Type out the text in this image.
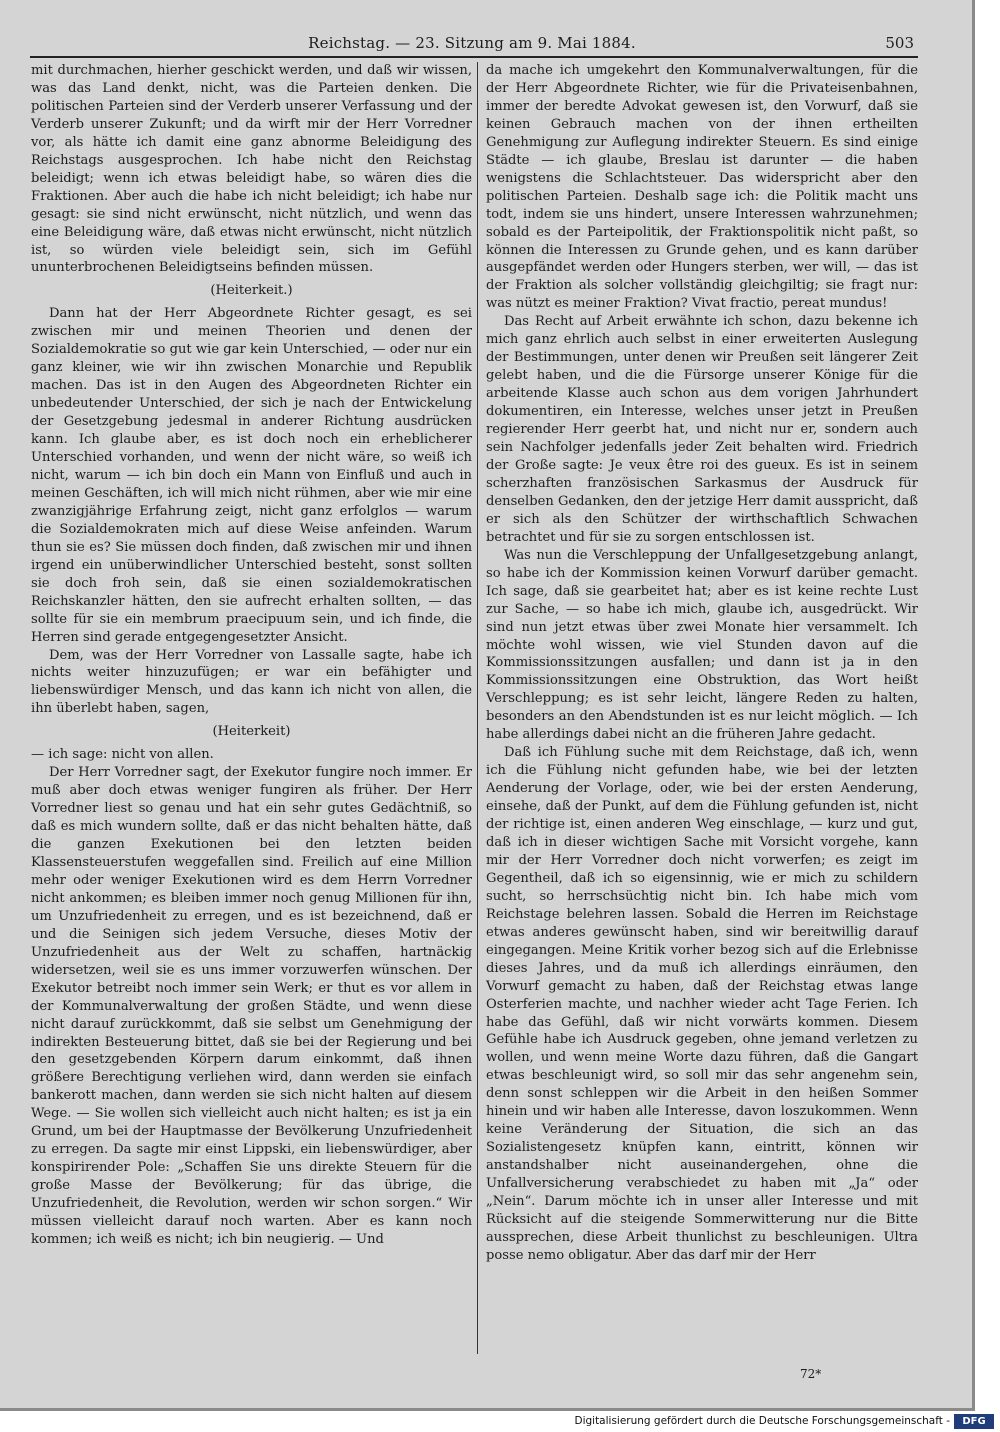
Reichstag. — 23. Sitzung am 9. Mai 1884.	503

mit durchmachen, hierher geschickt werden, und daß wir wissen, was das Land denkt, nicht, was die Parteien denken. Die politischen Parteien sind der Verderb unserer Verfassung und der Verderb unserer Zukunft; und da wirft mir der Herr Vorredner vor, als hätte ich damit eine ganz abnorme Beleidigung des Reichstags ausgesprochen. Ich habe nicht den Reichstag beleidigt; wenn ich etwas beleidigt habe, so wären dies die Fraktionen. Aber auch die habe ich nicht beleidigt; ich habe nur gesagt: sie sind nicht erwünscht, nicht nützlich, und wenn das eine Beleidigung wäre, daß etwas nicht erwünscht, nicht nützlich ist, so würden viele beleidigt sein, sich im Gefühl ununterbrochenen Beleidigtseins befinden müssen.

(Heiterkeit.)

Dann hat der Herr Abgeordnete Richter gesagt, es sei zwischen mir und meinen Theorien und denen der Sozialdemokratie so gut wie gar kein Unterschied, — oder nur ein ganz kleiner, wie wir ihn zwischen Monarchie und Republik machen. Das ist in den Augen des Abgeordneten Richter ein unbedeutender Unterschied, der sich je nach der Entwickelung der Gesetzgebung jedesmal in anderer Richtung ausdrücken kann. Ich glaube aber, es ist doch noch ein erheblicherer Unterschied vorhanden, und wenn der nicht wäre, so weiß ich nicht, warum — ich bin doch ein Mann von Einfluß und auch in meinen Geschäften, ich will mich nicht rühmen, aber wie mir eine zwanzigjährige Erfahrung zeigt, nicht ganz erfolglos — warum die Sozialdemokraten mich auf diese Weise anfeinden. Warum thun sie es? Sie müssen doch finden, daß zwischen mir und ihnen irgend ein unüberwindlicher Unterschied besteht, sonst sollten sie doch froh sein, daß sie einen sozialdemokratischen Reichskanzler hätten, den sie aufrecht erhalten sollten, — das sollte für sie ein membrum praecipuum sein, und ich finde, die Herren sind gerade entgegengesetzter Ansicht.

Dem, was der Herr Vorredner von Lassalle sagte, habe ich nichts weiter hinzuzufügen; er war ein befähigter und liebenswürdiger Mensch, und das kann ich nicht von allen, die ihn überlebt haben, sagen,

(Heiterkeit)

— ich sage: nicht von allen.

Der Herr Vorredner sagt, der Exekutor fungire noch immer. Er muß aber doch etwas weniger fungiren als früher. Der Herr Vorredner liest so genau und hat ein sehr gutes Gedächtniß, so daß es mich wundern sollte, daß er das nicht behalten hätte, daß die ganzen Exekutionen bei den letzten beiden Klassensteuerstufen weggefallen sind. Freilich auf eine Million mehr oder weniger Exekutionen wird es dem Herrn Vorredner nicht ankommen; es bleiben immer noch genug Millionen für ihn, um Unzufriedenheit zu erregen, und es ist bezeichnend, daß er und die Seinigen sich jedem Versuche, dieses Motiv der Unzufriedenheit aus der Welt zu schaffen, hartnäckig widersetzen, weil sie es uns immer vorzuwerfen wünschen. Der Exekutor betreibt noch immer sein Werk; er thut es vor allem in der Kommunalverwaltung der großen Städte, und wenn diese nicht darauf zurückkommt, daß sie selbst um Genehmigung der indirekten Besteuerung bittet, daß sie bei der Regierung und bei den gesetzgebenden Körpern darum einkommt, daß ihnen größere Berechtigung verliehen wird, dann werden sie einfach bankerott machen, dann werden sie sich nicht halten auf diesem Wege. — Sie wollen sich vielleicht auch nicht halten; es ist ja ein Grund, um bei der Hauptmasse der Bevölkerung Unzufriedenheit zu erregen. Da sagte mir einst Lippski, ein liebenswürdiger, aber konspirirender Pole: „Schaffen Sie uns direkte Steuern für die große Masse der Bevölkerung; für das übrige, die Unzufriedenheit, die Revolution, werden wir schon sorgen.“ Wir müssen vielleicht darauf noch warten. Aber es kann noch kommen; ich weiß es nicht; ich bin neugierig. — Und

da mache ich umgekehrt den Kommunalverwaltungen, für die der Herr Abgeordnete Richter, wie für die Privateisenbahnen, immer der beredte Advokat gewesen ist, den Vorwurf, daß sie keinen Gebrauch machen von der ihnen ertheilten Genehmigung zur Auflegung indirekter Steuern. Es sind einige Städte — ich glaube, Breslau ist darunter — die haben wenigstens die Schlachtsteuer. Das widerspricht aber den politischen Parteien. Deshalb sage ich: die Politik macht uns todt, indem sie uns hindert, unsere Interessen wahrzunehmen; sobald es der Parteipolitik, der Fraktionspolitik nicht paßt, so können die Interessen zu Grunde gehen, und es kann darüber ausgepfändet werden oder Hungers sterben, wer will, — das ist der Fraktion als solcher vollständig gleichgiltig; sie fragt nur: was nützt es meiner Fraktion? Vivat fractio, pereat mundus!

Das Recht auf Arbeit erwähnte ich schon, dazu bekenne ich mich ganz ehrlich auch selbst in einer erweiterten Auslegung der Bestimmungen, unter denen wir Preußen seit längerer Zeit gelebt haben, und die die Fürsorge unserer Könige für die arbeitende Klasse auch schon aus dem vorigen Jahrhundert dokumentiren, ein Interesse, welches unser jetzt in Preußen regierender Herr geerbt hat, und nicht nur er, sondern auch sein Nachfolger jedenfalls jeder Zeit behalten wird. Friedrich der Große sagte: Je veux être roi des gueux. Es ist in seinem scherzhaften französischen Sarkasmus der Ausdruck für denselben Gedanken, den der jetzige Herr damit ausspricht, daß er sich als den Schützer der wirthschaftlich Schwachen betrachtet und für sie zu sorgen entschlossen ist.

Was nun die Verschleppung der Unfallgesetzgebung anlangt, so habe ich der Kommission keinen Vorwurf darüber gemacht. Ich sage, daß sie gearbeitet hat; aber es ist keine rechte Lust zur Sache, — so habe ich mich, glaube ich, ausgedrückt. Wir sind nun jetzt etwas über zwei Monate hier versammelt. Ich möchte wohl wissen, wie viel Stunden davon auf die Kommissionssitzungen ausfallen; und dann ist ja in den Kommissionssitzungen eine Obstruktion, das Wort heißt Verschleppung; es ist sehr leicht, längere Reden zu halten, besonders an den Abendstunden ist es nur leicht möglich. — Ich habe allerdings dabei nicht an die früheren Jahre gedacht.

Daß ich Fühlung suche mit dem Reichstage, daß ich, wenn ich die Fühlung nicht gefunden habe, wie bei der letzten Aenderung der Vorlage, oder, wie bei der ersten Aenderung, einsehe, daß der Punkt, auf dem die Fühlung gefunden ist, nicht der richtige ist, einen anderen Weg einschlage, — kurz und gut, daß ich in dieser wichtigen Sache mit Vorsicht vorgehe, kann mir der Herr Vorredner doch nicht vorwerfen; es zeigt im Gegentheil, daß ich so eigensinnig, wie er mich zu schildern sucht, so herrschsüchtig nicht bin. Ich habe mich vom Reichstage belehren lassen. Sobald die Herren im Reichstage etwas anderes gewünscht haben, sind wir bereitwillig darauf eingegangen. Meine Kritik vorher bezog sich auf die Erlebnisse dieses Jahres, und da muß ich allerdings einräumen, den Vorwurf gemacht zu haben, daß der Reichstag etwas lange Osterferien machte, und nachher wieder acht Tage Ferien. Ich habe das Gefühl, daß wir nicht vorwärts kommen. Diesem Gefühle habe ich Ausdruck gegeben, ohne jemand verletzen zu wollen, und wenn meine Worte dazu führen, daß die Gangart etwas beschleunigt wird, so soll mir das sehr angenehm sein, denn sonst schleppen wir die Arbeit in den heißen Sommer hinein und wir haben alle Interesse, davon loszukommen. Wenn keine Veränderung der Situation, die sich an das Sozialistengesetz knüpfen kann, eintritt, können wir anstandshalber nicht auseinandergehen, ohne die Unfallversicherung verabschiedet zu haben mit „Ja“ oder „Nein“. Darum möchte ich in unser aller Interesse und mit Rücksicht auf die steigende Sommerwitterung nur die Bitte aussprechen, diese Arbeit thunlichst zu beschleunigen. Ultra posse nemo obligatur. Aber das darf mir der Herr

72*
Digitalisierung gefördert durch die Deutsche Forschungsgemeinschaft -	DFG
